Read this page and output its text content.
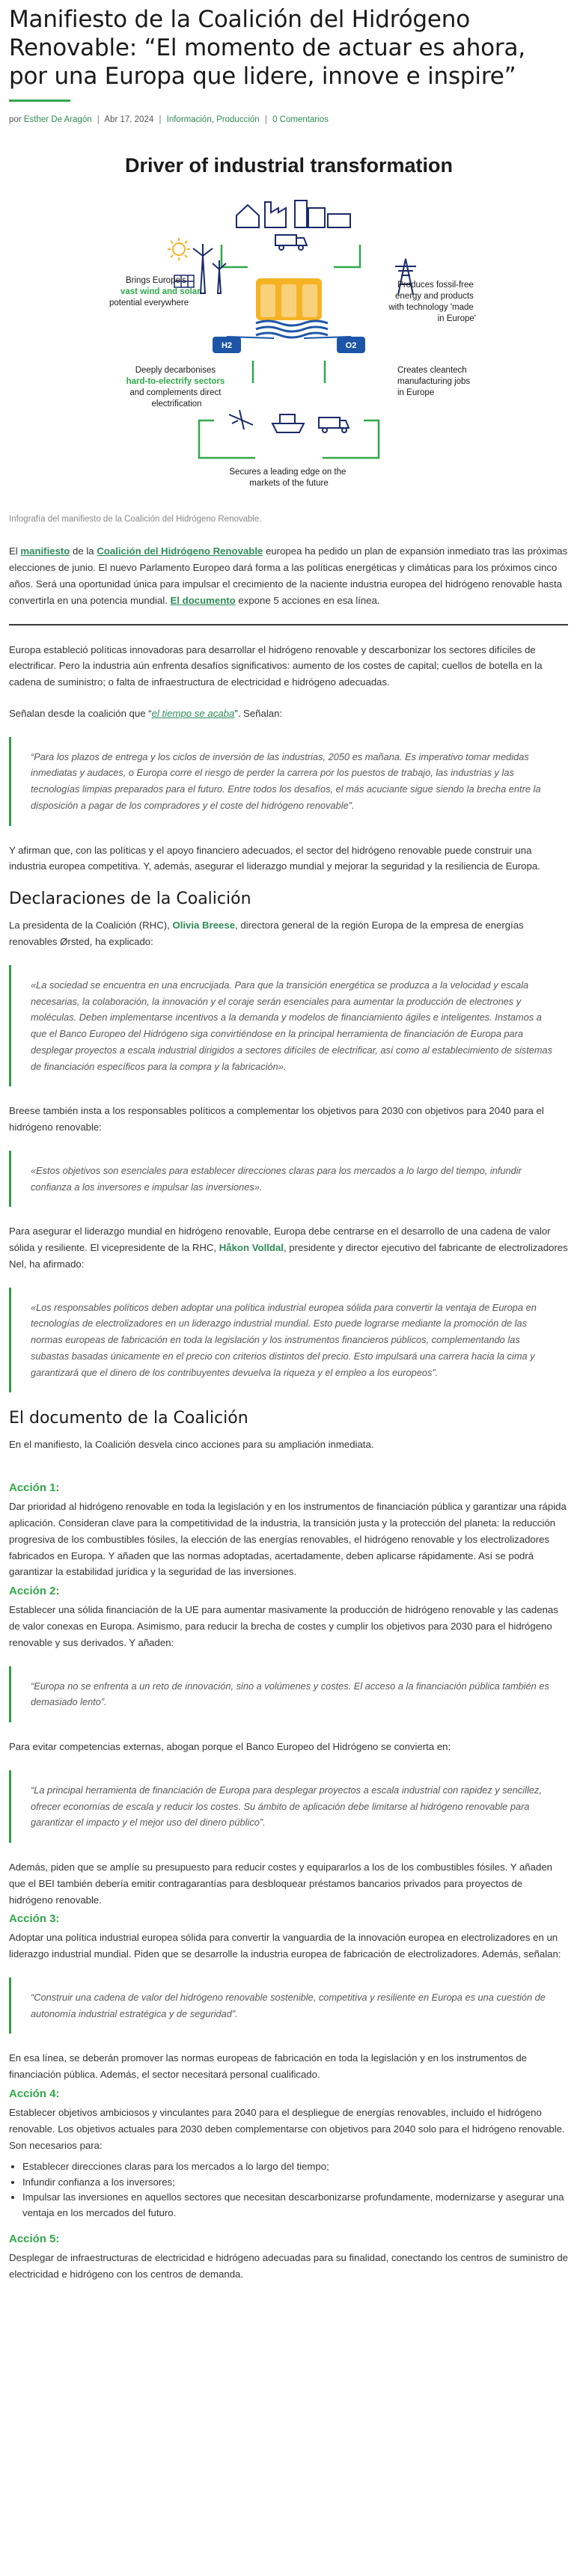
Manifiesto de la Coalición del Hidrógeno Renovable: “El momento de actuar es ahora, por una Europa que lidere, innove e inspire”
por Esther De Aragón | Abr 17, 2024 | Información, Producción | 0 Comentarios
Driver of industrial transformation
Brings Europe's vast wind and solar potential everywhere
Produces fossil-free energy and products with technology 'made in Europe'
H2	O2
Deeply decarbonises hard-to-electrify sectors and complements direct electrification
Creates cleantech manufacturing jobs in Europe
Secures a leading edge on the markets of the future
Infografía del manifiesto de la Coalición del Hidrógeno Renovable.

El manifiesto de la Coalición del Hidrógeno Renovable europea ha pedido un plan de expansión inmediato tras las próximas elecciones de junio. El nuevo Parlamento Europeo dará forma a las políticas energéticas y climáticas para los próximos cinco años. Será una oportunidad única para impulsar el crecimiento de la naciente industria europea del hidrógeno renovable hasta convertirla en una potencia mundial. El documento expone 5 acciones en esa línea.

Europa estableció políticas innovadoras para desarrollar el hidrógeno renovable y descarbonizar los sectores difíciles de electrificar. Pero la industria aún enfrenta desafíos significativos: aumento de los costes de capital; cuellos de botella en la cadena de suministro; o falta de infraestructura de electricidad e hidrógeno adecuadas.

Señalan desde la coalición que “el tiempo se acaba”. Señalan:

“Para los plazos de entrega y los ciclos de inversión de las industrias, 2050 es mañana. Es imperativo tomar medidas inmediatas y audaces, o Europa corre el riesgo de perder la carrera por los puestos de trabajo, las industrias y las tecnologías limpias preparados para el futuro. Entre todos los desafíos, el más acuciante sigue siendo la brecha entre la disposición a pagar de los compradores y el coste del hidrógeno renovable”.

Y afirman que, con las políticas y el apoyo financiero adecuados, el sector del hidrógeno renovable puede construir una industria europea competitiva. Y, además, asegurar el liderazgo mundial y mejorar la seguridad y la resiliencia de Europa.

Declaraciones de la Coalición

La presidenta de la Coalición (RHC), Olivia Breese, directora general de la región Europa de la empresa de energías renovables Ørsted, ha explicado:

«La sociedad se encuentra en una encrucijada. Para que la transición energética se produzca a la velocidad y escala necesarias, la colaboración, la innovación y el coraje serán esenciales para aumentar la producción de electrones y moléculas. Deben implementarse incentivos a la demanda y modelos de financiamiento ágiles e inteligentes. Instamos a que el Banco Europeo del Hidrógeno siga convirtiéndose en la principal herramienta de financiación de Europa para desplegar proyectos a escala industrial dirigidos a sectores difíciles de electrificar, así como al establecimiento de sistemas de financiación específicos para la compra y la fabricación».

Breese también insta a los responsables políticos a complementar los objetivos para 2030 con objetivos para 2040 para el hidrógeno renovable:

«Estos objetivos son esenciales para establecer direcciones claras para los mercados a lo largo del tiempo, infundir confianza a los inversores e impulsar las inversiones».

Para asegurar el liderazgo mundial en hidrógeno renovable, Europa debe centrarse en el desarrollo de una cadena de valor sólida y resiliente. El vicepresidente de la RHC, Håkon Volldal, presidente y director ejecutivo del fabricante de electrolizadores Nel, ha afirmado:

«Los responsables políticos deben adoptar una política industrial europea sólida para convertir la ventaja de Europa en tecnologías de electrolizadores en un liderazgo industrial mundial. Esto puede lograrse mediante la promoción de las normas europeas de fabricación en toda la legislación y los instrumentos financieros públicos, complementando las subastas basadas únicamente en el precio con criterios distintos del precio. Esto impulsará una carrera hacia la cima y garantizará que el dinero de los contribuyentes devuelva la riqueza y el empleo a los europeos”.

El documento de la Coalición

En el manifiesto, la Coalición desvela cinco acciones para su ampliación inmediata.

Acción 1:

Dar prioridad al hidrógeno renovable en toda la legislación y en los instrumentos de financiación pública y garantizar una rápida aplicación. Consideran clave para la competitividad de la industria, la transición justa y la protección del planeta: la reducción progresiva de los combustibles fósiles, la elección de las energías renovables, el hidrógeno renovable y los electrolizadores fabricados en Europa. Y añaden que las normas adoptadas, acertadamente, deben aplicarse rápidamente. Así se podrá garantizar la estabilidad jurídica y la seguridad de las inversiones.

Acción 2:

Establecer una sólida financiación de la UE para aumentar masivamente la producción de hidrógeno renovable y las cadenas de valor conexas en Europa. Asimismo, para reducir la brecha de costes y cumplir los objetivos para 2030 para el hidrógeno renovable y sus derivados. Y añaden:

“Europa no se enfrenta a un reto de innovación, sino a volúmenes y costes. El acceso a la financiación pública también es demasiado lento”.

Para evitar competencias externas, abogan porque el Banco Europeo del Hidrógeno se convierta en:

“La principal herramienta de financiación de Europa para desplegar proyectos a escala industrial con rapidez y sencillez, ofrecer economías de escala y reducir los costes. Su ámbito de aplicación debe limitarse al hidrógeno renovable para garantizar el impacto y el mejor uso del dinero público”.

Además, piden que se amplíe su presupuesto para reducir costes y equipararlos a los de los combustibles fósiles. Y añaden que el BEI también debería emitir contragarantías para desbloquear préstamos bancarios privados para proyectos de hidrógeno renovable.

Acción 3:

Adoptar una política industrial europea sólida para convertir la vanguardia de la innovación europea en electrolizadores en un liderazgo industrial mundial. Piden que se desarrolle la industria europea de fabricación de electrolizadores. Además, señalan:

“Construir una cadena de valor del hidrógeno renovable sostenible, competitiva y resiliente en Europa es una cuestión de autonomía industrial estratégica y de seguridad”.

En esa línea, se deberán promover las normas europeas de fabricación en toda la legislación y en los instrumentos de financiación pública. Además, el sector necesitará personal cualificado.

Acción 4:

Establecer objetivos ambiciosos y vinculantes para 2040 para el despliegue de energías renovables, incluido el hidrógeno renovable. Los objetivos actuales para 2030 deben complementarse con objetivos para 2040 solo para el hidrógeno renovable. Son necesarios para:

• Establecer direcciones claras para los mercados a lo largo del tiempo;
• Infundir confianza a los inversores;
• Impulsar las inversiones en aquellos sectores que necesitan descarbonizarse profundamente, modernizarse y asegurar una ventaja en los mercados del futuro.
Acción 5:

Desplegar de infraestructuras de electricidad e hidrógeno adecuadas para su finalidad, conectando los centros de suministro de electricidad e hidrógeno con los centros de demanda.
